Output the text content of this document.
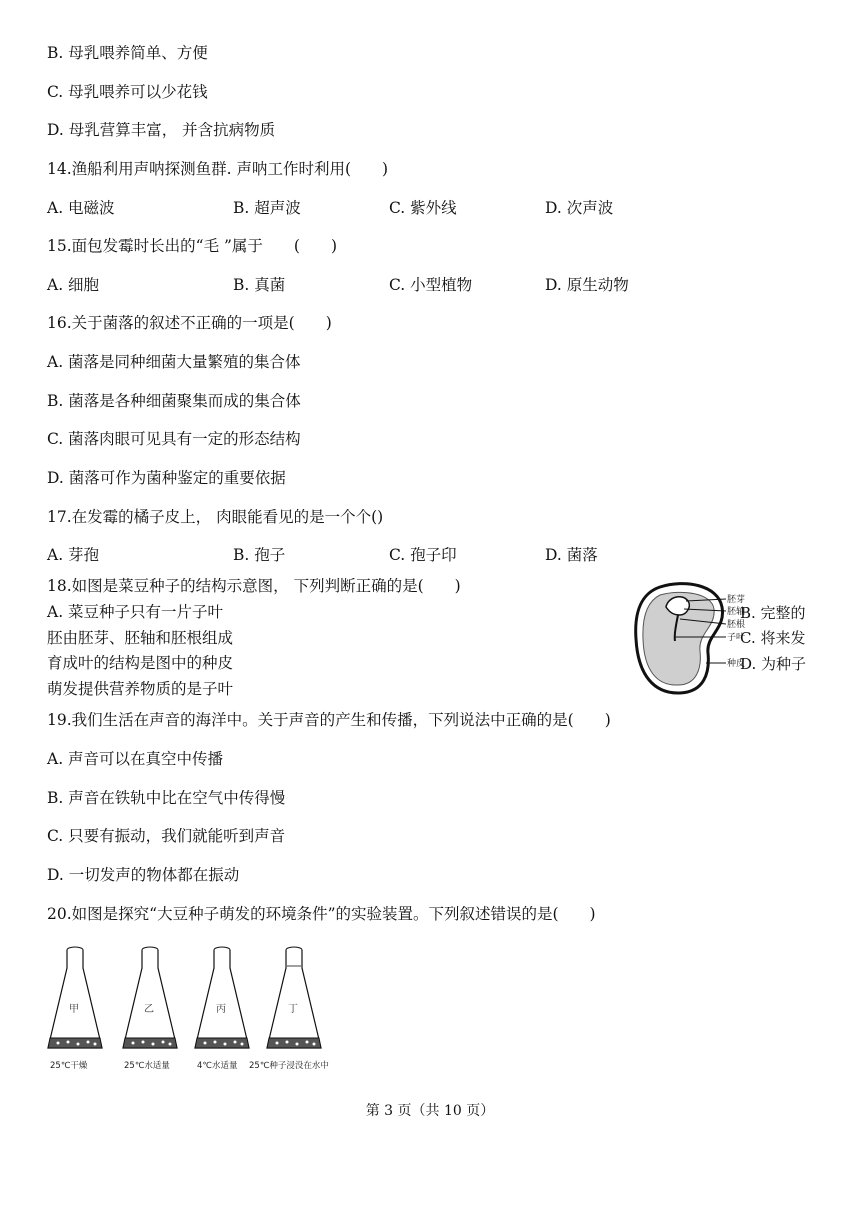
B. 母乳喂养简单、方便
C. 母乳喂养可以少花钱
D. 母乳营算丰富， 并含抗病物质
14.渔船利用声呐探测鱼群. 声呐工作时利用(　　)
A. 电磁波	B. 超声波	C. 紫外线	D. 次声波
15.面包发霉时长出的“毛 ”属于　　(　　)
A. 细胞	B. 真菌	C. 小型植物	D. 原生动物
16.关于菌落的叙述不正确的一项是(　　)
A. 菌落是同种细菌大量繁殖的集合体
B. 菌落是各种细菌聚集而成的集合体
C. 菌落肉眼可见具有一定的形态结构
D. 菌落可作为菌种鉴定的重要依据
17.在发霉的橘子皮上， 肉眼能看见的是一个个()
A. 芽孢	B. 孢子	C. 孢子印	D. 菌落
18.如图是菜豆种子的结构示意图， 下列判断正确的是(　　)
A. 菜豆种子只有一片子叶
胚由胚芽、胚轴和胚根组成
育成叶的结构是图中的种皮
萌发提供营养物质的是子叶
胚芽
胚轴
胚根
子叶
种皮
B. 完整的
C. 将来发
D. 为种子
19.我们生活在声音的海洋中。关于声音的产生和传播，下列说法中正确的是(　　)
A. 声音可以在真空中传播
B. 声音在铁轨中比在空气中传得慢
C. 只要有振动，我们就能听到声音
D. 一切发声的物体都在振动
20.如图是探究“大豆种子萌发的环境条件”的实验装置。下列叙述错误的是(　　)
甲
25℃干燥
乙
25℃水适量
丙
4℃水适量
丁
25℃种子浸没在水中
第 3 页（共 10 页）
